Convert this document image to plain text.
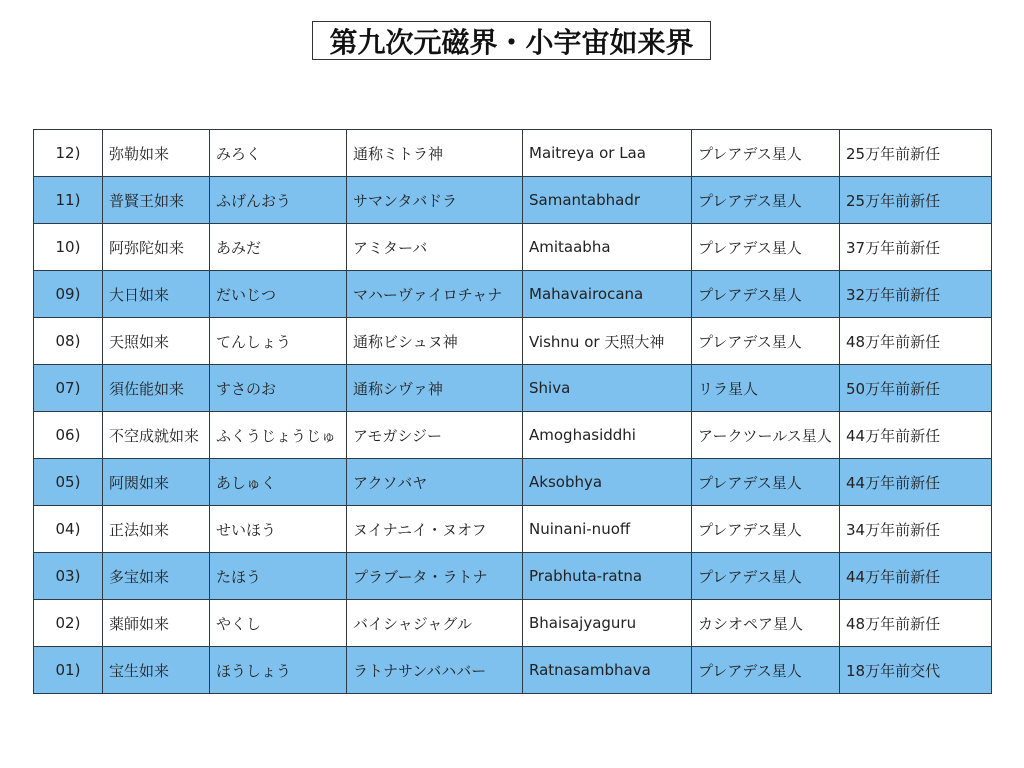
第九次元磁界・小宇宙如来界
12)	弥勒如来	みろく	通称ミトラ神	Maitreya or Laa	プレアデス星人	25万年前新任
11)	普賢王如来	ふげんおう	サマンタバドラ	Samantabhadr	プレアデス星人	25万年前新任
10)	阿弥陀如来	あみだ	アミターバ	Amitaabha	プレアデス星人	37万年前新任
09)	大日如来	だいじつ	マハーヴァイロチャナ	Mahavairocana	プレアデス星人	32万年前新任
08)	天照如来	てんしょう	通称ビシュヌ神	Vishnu or 天照大神	プレアデス星人	48万年前新任
07)	須佐能如来	すさのお	通称シヴァ神	Shiva	リラ星人	50万年前新任
06)	不空成就如来	ふくうじょうじゅ	アモガシジー	Amoghasiddhi	アークツールス星人	44万年前新任
05)	阿閦如来	あしゅく	アクソバヤ	Aksobhya	プレアデス星人	44万年前新任
04)	正法如来	せいほう	ヌイナニイ・ヌオフ	Nuinani-nuoff	プレアデス星人	34万年前新任
03)	多宝如来	たほう	プラブータ・ラトナ	Prabhuta-ratna	プレアデス星人	44万年前新任
02)	薬師如来	やくし	バイシャジャグル	Bhaisajyaguru	カシオペア星人	48万年前新任
01)	宝生如来	ほうしょう	ラトナサンバハバー	Ratnasambhava	プレアデス星人	18万年前交代
